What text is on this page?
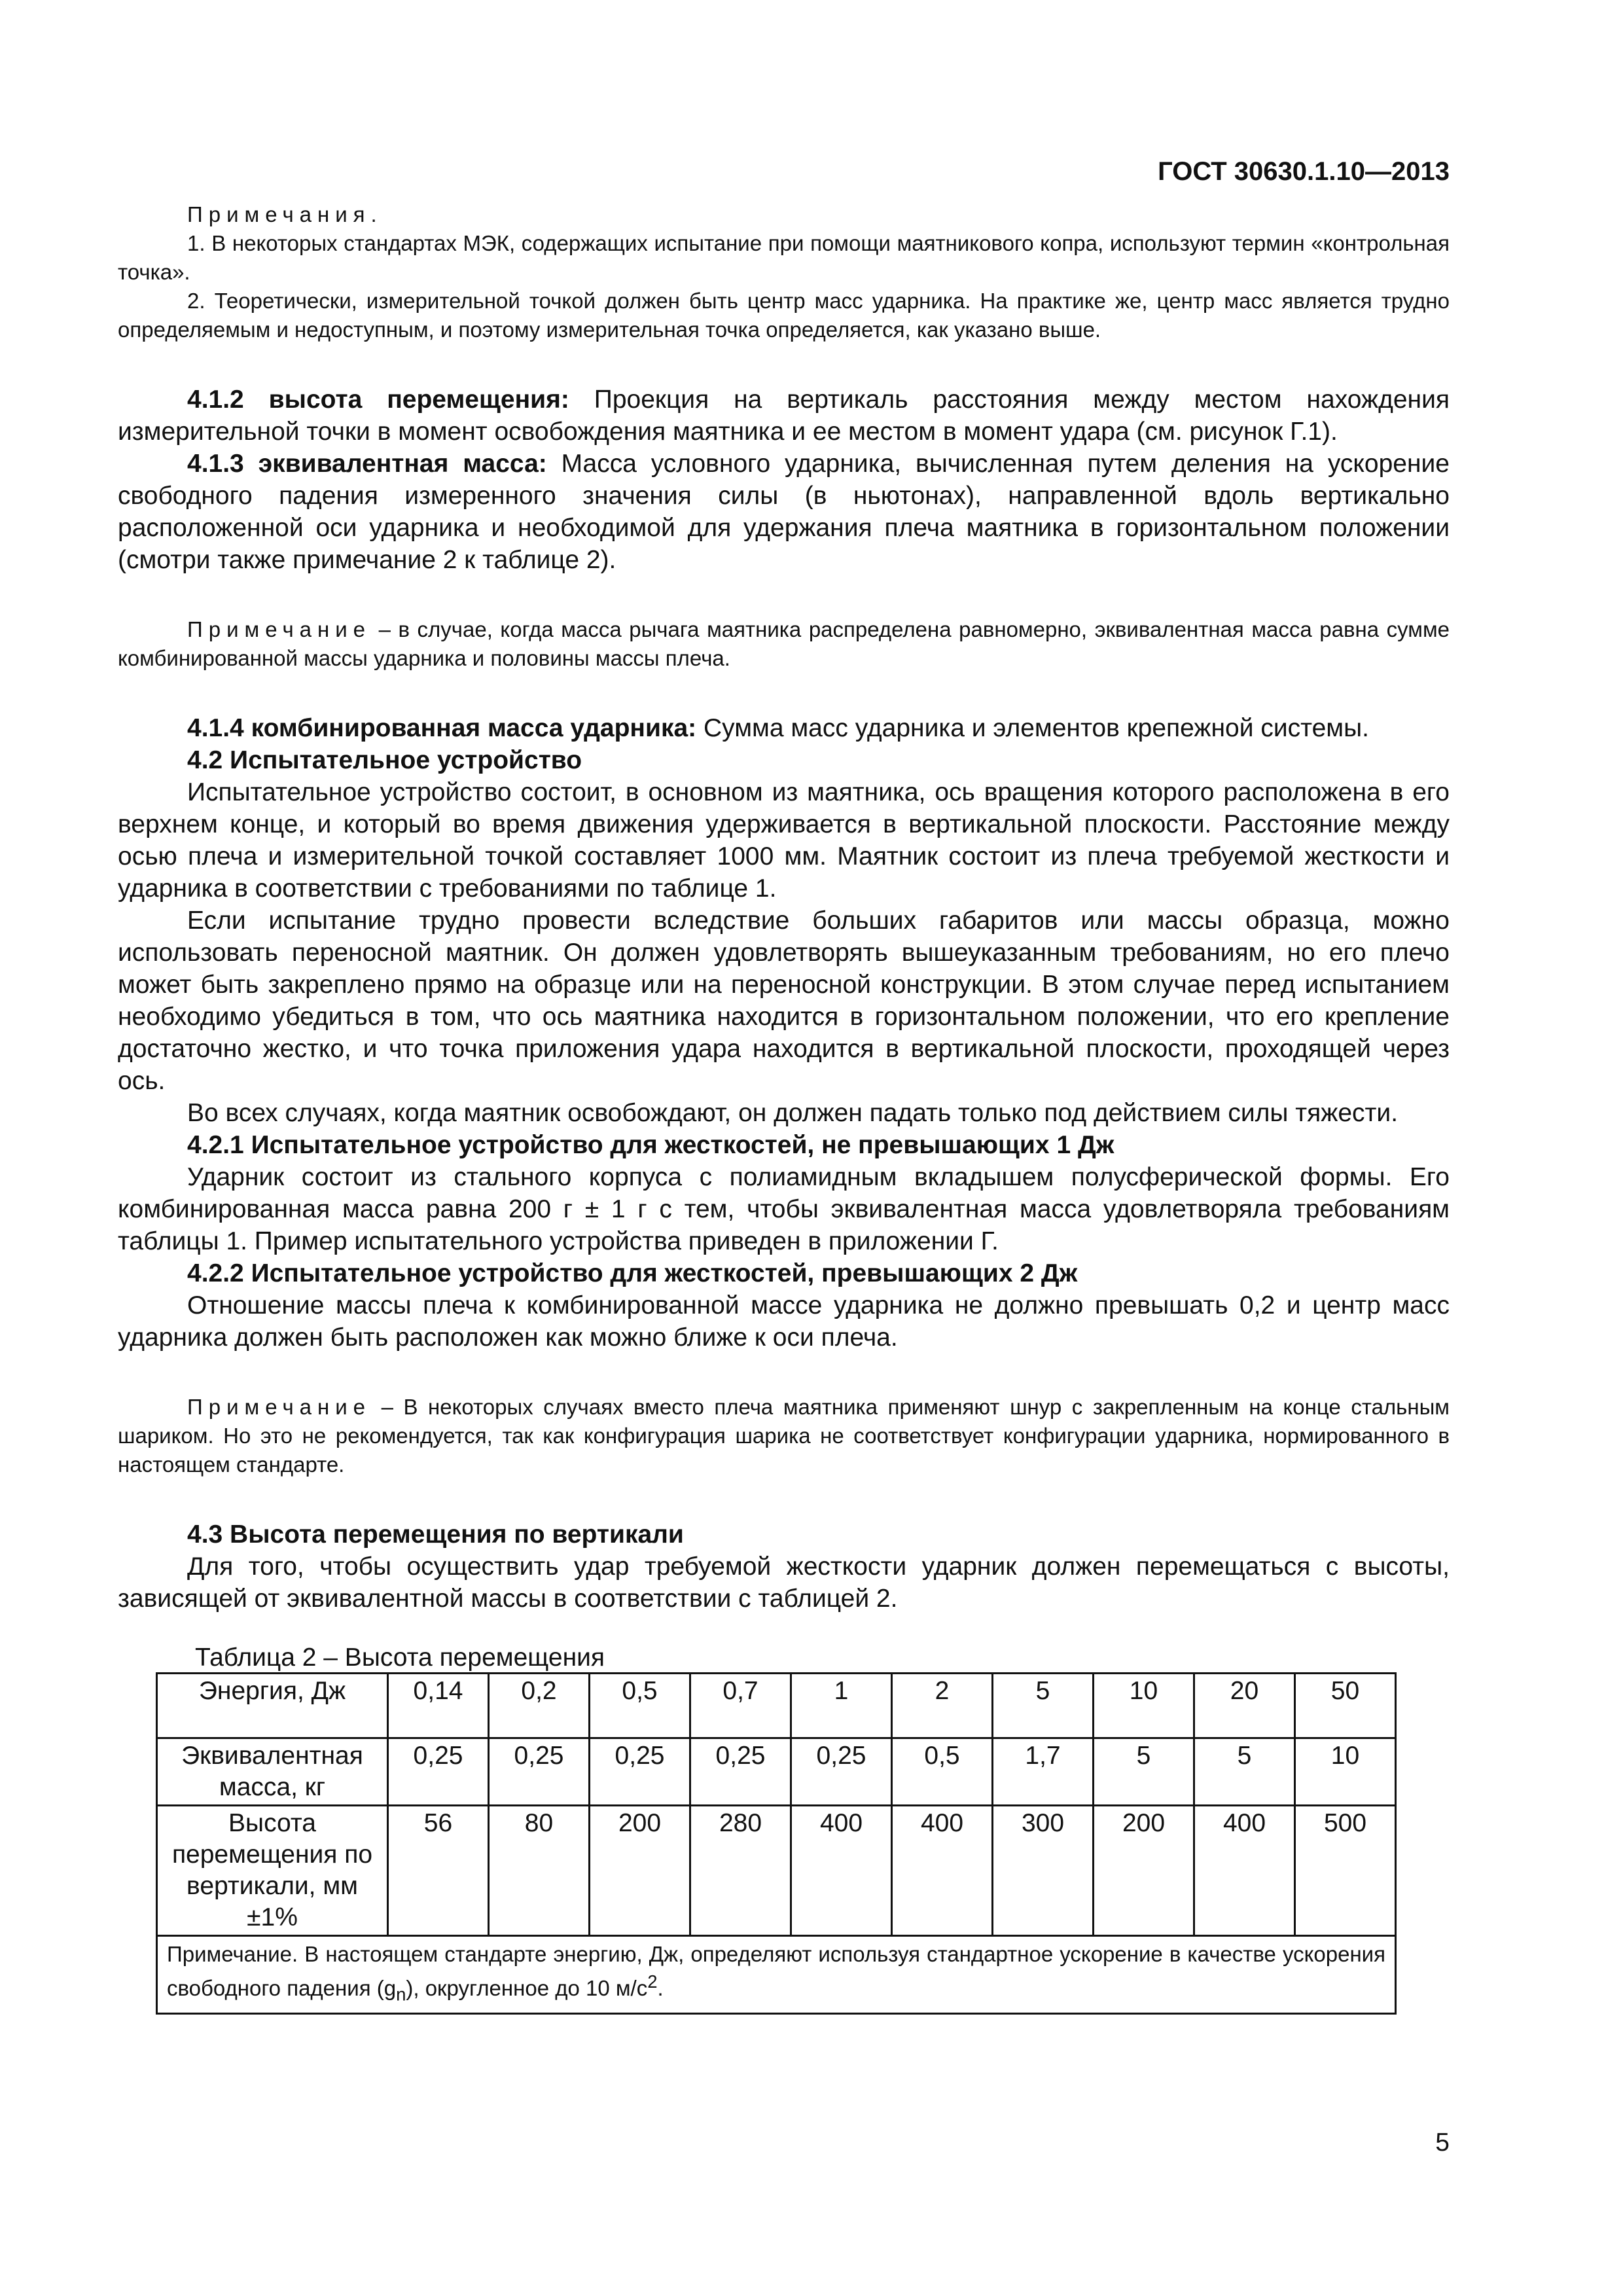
ГОСТ 30630.1.10—2013

Примечания.

1. В некоторых стандартах МЭК, содержащих испытание при помощи маятникового копра, используют термин «контрольная точка».

2. Теоретически, измерительной точкой должен быть центр масс ударника. На практике же, центр масс является трудно определяемым и недоступным, и поэтому измерительная точка определяется, как указано выше.

4.1.2 высота перемещения: Проекция на вертикаль расстояния между местом нахождения измерительной точки в момент освобождения маятника и ее местом в момент удара (см. рисунок Г.1).

4.1.3 эквивалентная масса: Масса условного ударника, вычисленная путем деления на ускорение свободного падения измеренного значения силы (в ньютонах), направленной вдоль вертикально расположенной оси ударника и необходимой для удержания плеча маятника в горизонтальном положении (смотри также примечание 2 к таблице 2).

Примечание – в случае, когда масса рычага маятника распределена равномерно, эквивалентная масса равна сумме комбинированной массы ударника и половины массы плеча.

4.1.4 комбинированная масса ударника: Сумма масс ударника и элементов крепежной системы.

4.2 Испытательное устройство

Испытательное устройство состоит, в основном из маятника, ось вращения которого расположена в его верхнем конце, и который во время движения удерживается в вертикальной плоскости. Расстояние между осью плеча и измерительной точкой составляет 1000 мм. Маятник состоит из плеча требуемой жесткости и ударника в соответствии с требованиями по таблице 1.

Если испытание трудно провести вследствие больших габаритов или массы образца, можно использовать переносной маятник. Он должен удовлетворять вышеуказанным требованиям, но его плечо может быть закреплено прямо на образце или на переносной конструкции. В этом случае перед испытанием необходимо убедиться в том, что ось маятника находится в горизонтальном положении, что его крепление достаточно жестко, и что точка приложения удара находится в вертикальной плоскости, проходящей через ось.

Во всех случаях, когда маятник освобождают, он должен падать только под действием силы тяжести.

4.2.1 Испытательное устройство для жесткостей, не превышающих 1 Дж

Ударник состоит из стального корпуса с полиамидным вкладышем полусферической формы. Его комбинированная масса равна 200 г ± 1 г с тем, чтобы эквивалентная масса удовлетворяла требованиям таблицы 1. Пример испытательного устройства приведен в приложении Г.

4.2.2 Испытательное устройство для жесткостей, превышающих 2 Дж

Отношение массы плеча к комбинированной массе ударника не должно превышать 0,2 и центр масс ударника должен быть расположен как можно ближе к оси плеча.

Примечание – В некоторых случаях вместо плеча маятника применяют шнур с закрепленным на конце стальным шариком. Но это не рекомендуется, так как конфигурация шарика не соответствует конфигурации ударника, нормированного в настоящем стандарте.

4.3 Высота перемещения по вертикали

Для того, чтобы осуществить удар требуемой жесткости ударник должен перемещаться с высоты, зависящей от эквивалентной массы в соответствии с таблицей 2.

Таблица 2 – Высота перемещения
Энергия, Дж	0,14	0,2	0,5	0,7	1	2	5	10	20	50
Эквивалентная масса, кг	0,25	0,25	0,25	0,25	0,25	0,5	1,7	5	5	10
Высота перемещения по вертикали, мм ±1%	56	80	200	280	400	400	300	200	400	500
Примечание. В настоящем стандарте энергию, Дж, определяют используя стандартное ускорение в качестве ускорения свободного падения $(g_n)$, округленное до 10 $м/с^2$.										
5
